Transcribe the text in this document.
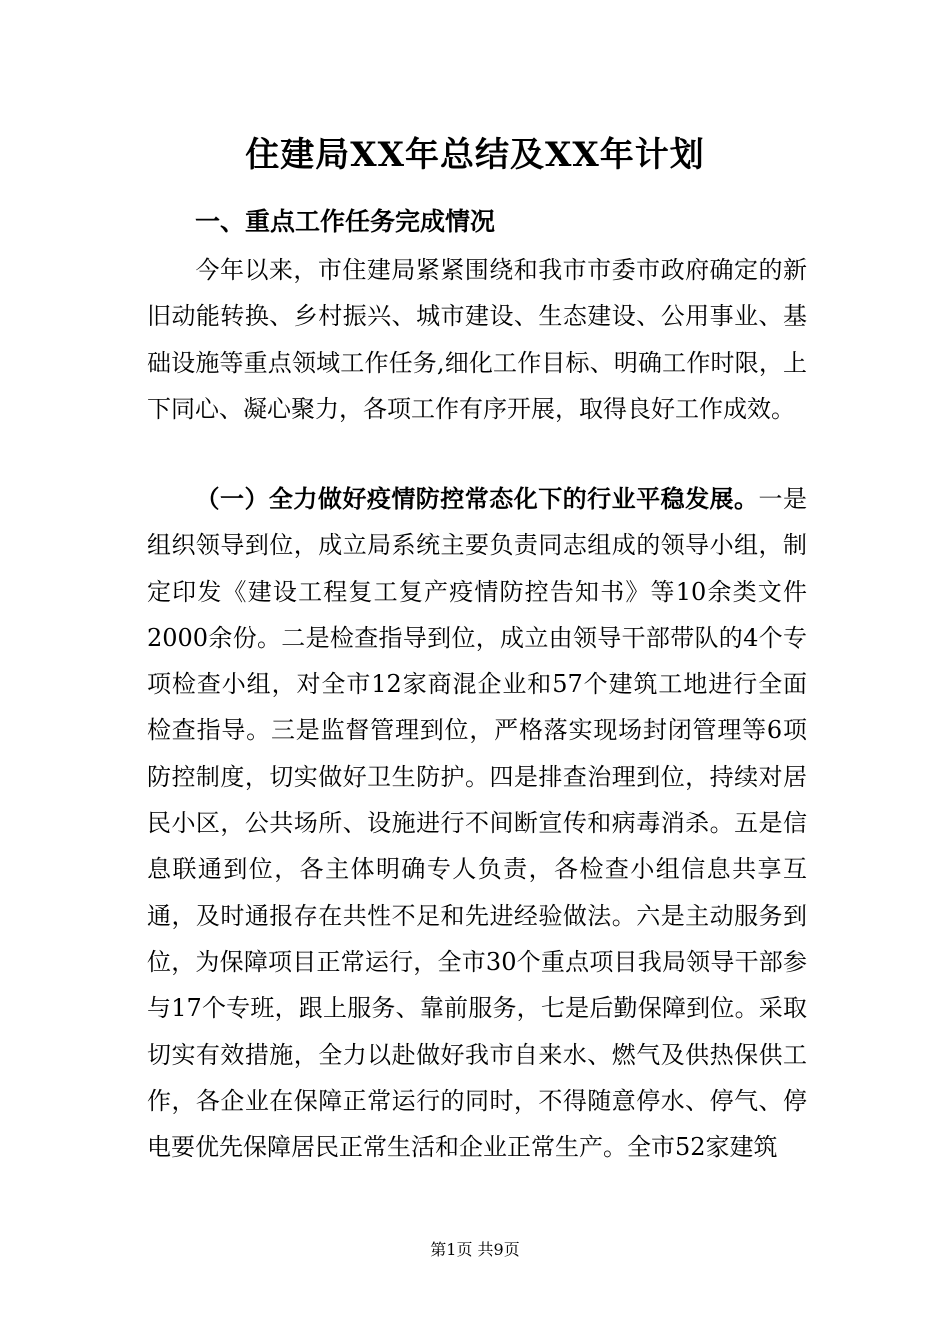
住建局XX年总结及XX年计划
一、重点工作任务完成情况
今年以来，市住建局紧紧围绕和我市市委市政府确定的新旧动能转换、乡村振兴、城市建设、生态建设、公用事业、基础设施等重点领域工作任务,细化工作目标、明确工作时限，上下同心、凝心聚力，各项工作有序开展，取得良好工作成效。
（一）全力做好疫情防控常态化下的行业平稳发展。一是组织领导到位，成立局系统主要负责同志组成的领导小组，制定印发《建设工程复工复产疫情防控告知书》等10余类文件2000余份。二是检查指导到位，成立由领导干部带队的4个专项检查小组，对全市12家商混企业和57个建筑工地进行全面检查指导。三是监督管理到位，严格落实现场封闭管理等6项防控制度，切实做好卫生防护。四是排查治理到位，持续对居民小区，公共场所、设施进行不间断宣传和病毒消杀。五是信息联通到位，各主体明确专人负责，各检查小组信息共享互通，及时通报存在共性不足和先进经验做法。六是主动服务到位，为保障项目正常运行，全市30个重点项目我局领导干部参与17个专班，跟上服务、靠前服务，七是后勤保障到位。采取切实有效措施，全力以赴做好我市自来水、燃气及供热保供工作，各企业在保障正常运行的同时，不得随意停水、停气、停电要优先保障居民正常生活和企业正常生产。全市52家建筑
第1页 共9页
